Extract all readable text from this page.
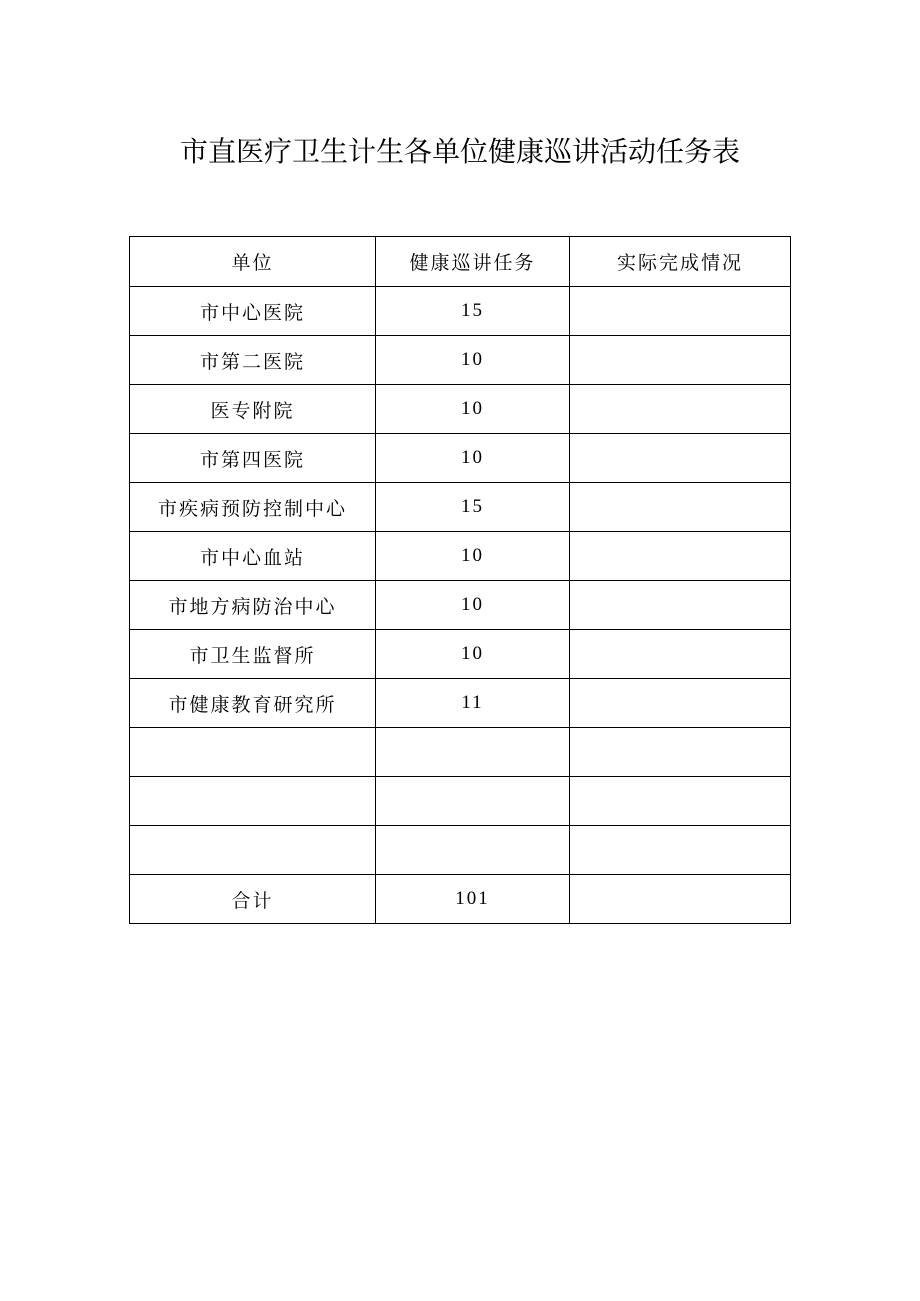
市直医疗卫生计生各单位健康巡讲活动任务表
单位	健康巡讲任务	实际完成情况
市中心医院	15	
市第二医院	10	
医专附院	10	
市第四医院	10	
市疾病预防控制中心	15	
市中心血站	10	
市地方病防治中心	10	
市卫生监督所	10	
市健康教育研究所	11	

合计	101	
